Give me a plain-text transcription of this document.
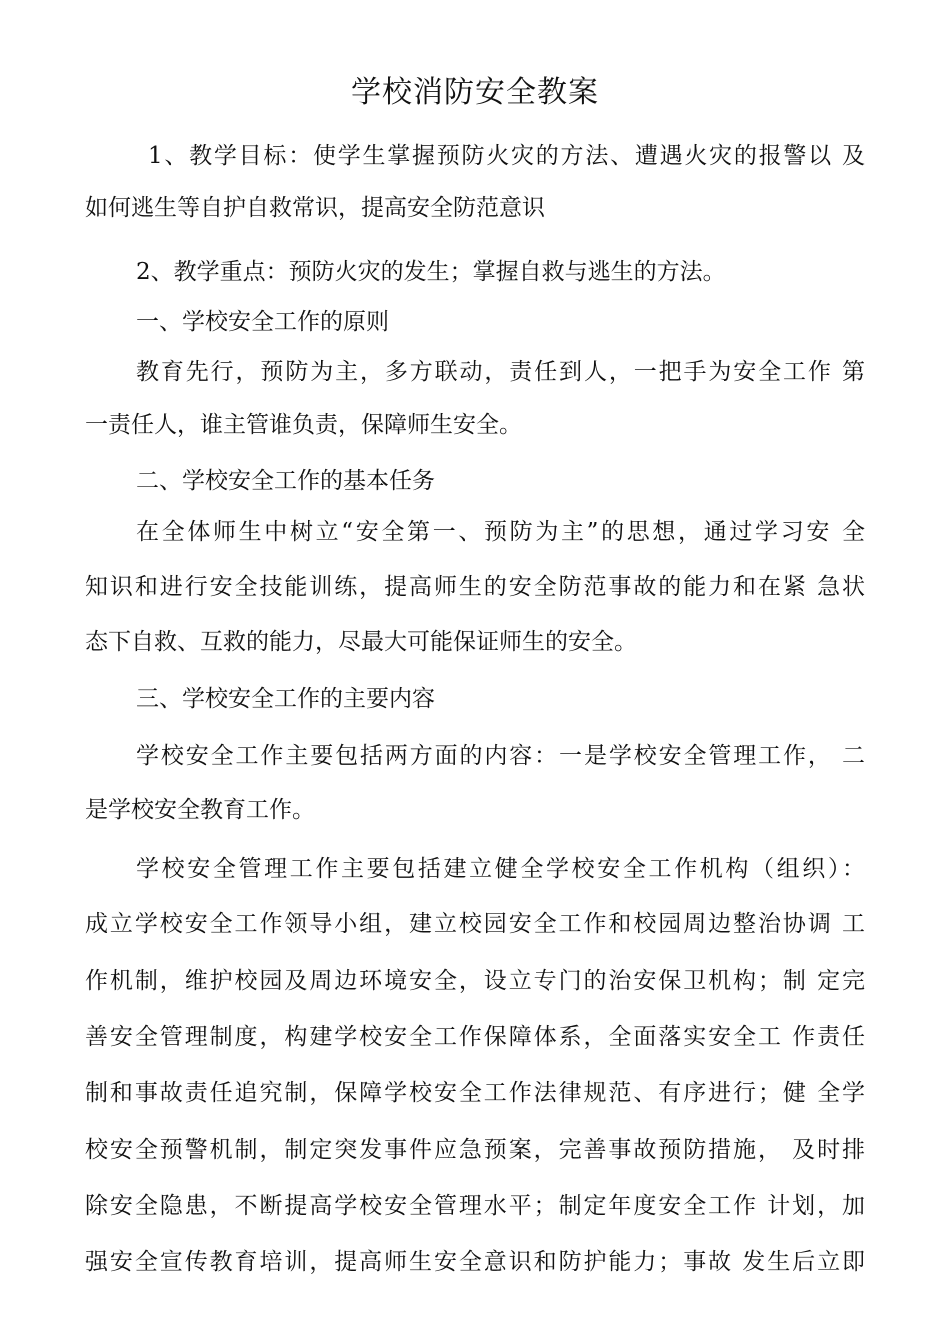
学校消防安全教案
1、教学目标：使学生掌握预防火灾的方法、遭遇火灾的报警以 及
如何逃生等自护自救常识，提高安全防范意识
2、教学重点：预防火灾的发生；掌握自救与逃生的方法。
一、学校安全工作的原则
教育先行，预防为主，多方联动，责任到人，一把手为安全工作 第
一责任人，谁主管谁负责，保障师生安全。
二、学校安全工作的基本任务
在全体师生中树立“安全第一、预防为主”的思想，通过学习安 全
知识和进行安全技能训练，提高师生的安全防范事故的能力和在紧 急状
态下自救、互救的能力，尽最大可能保证师生的安全。
三、学校安全工作的主要内容
学校安全工作主要包括两方面的内容：一是学校安全管理工作， 二
是学校安全教育工作。
学校安全管理工作主要包括建立健全学校安全工作机构（组织）：
成立学校安全工作领导小组，建立校园安全工作和校园周边整治协调 工
作机制，维护校园及周边环境安全，设立专门的治安保卫机构；制 定完
善安全管理制度，构建学校安全工作保障体系，全面落实安全工 作责任
制和事故责任追究制，保障学校安全工作法律规范、有序进行；健 全学
校安全预警机制，制定突发事件应急预案，完善事故预防措施， 及时排
除安全隐患，不断提高学校安全管理水平；制定年度安全工作 计划，加
强安全宣传教育培训，提高师生安全意识和防护能力；事故 发生后立即
